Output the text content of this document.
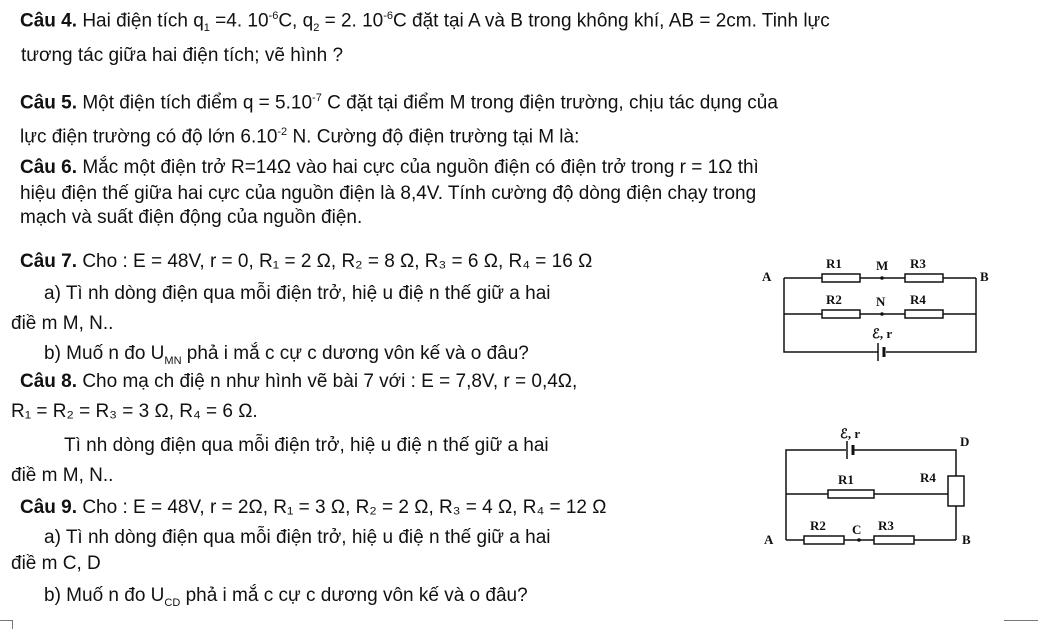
Câu 4. Hai điện tích $q_1 =4$. $10^{-6}C$, $q_2 = 2$. $10^{-6}C$ đặt tại A và B trong không khí, AB = 2cm. Tinh lực
tương tác giữa hai điện tích; vẽ hình ?
Câu 5. Một điện tích điểm $q = 5.10^{-7}$ C đặt tại điểm M trong điện trường, chịu tác dụng của
lực điện trường có độ lớn $6.10^{-2}$ N. Cường độ điện trường tại M là:
Câu 6. Mắc một điện trở R=14Ω vào hai cực của nguồn điện có điện trở trong r = 1Ω thì
hiệu điện thế giữa hai cực của nguồn điện là 8,4V. Tính cường độ dòng điện chạy trong
mạch và suất điện động của nguồn điện.
Câu 7. Cho : E = 48V, r = 0, R₁ = 2 Ω, R₂ = 8 Ω, R₃ = 6 Ω, R₄ = 16 Ω
a) Tì nh dòng điện qua mỗi điện trở, hiệ u điệ n thế giữ a hai
điề m M, N..
b) Muố n đo $U_{MN}$ phả i mắ c cự c dương vôn kế và o đâu?
Câu 8. Cho mạ ch điệ n như hình vẽ bài 7 với : E = 7,8V, r = 0,4Ω,
R₁ = R₂ = R₃ = 3 Ω, R₄ = 6 Ω.
Tì nh dòng điện qua mỗi điện trở, hiệ u điệ n thế giữ a hai
điề m M, N..
Câu 9. Cho : E = 48V, r = 2Ω, R₁ = 3 Ω, R₂ = 2 Ω, R₃ = 4 Ω, R₄ = 12 Ω
a) Tì nh dòng điện qua mỗi điện trở, hiệ u điệ n thế giữ a hai
điề m C, D
b) Muố n đo $U_{CD}$ phả i mắ c cự c dương vôn kế và o đâu?
R1	M R3
A	B
R2	N R4
ℰ, r
ℰ, r
D
R1	R4
A
R2 C R3
B
